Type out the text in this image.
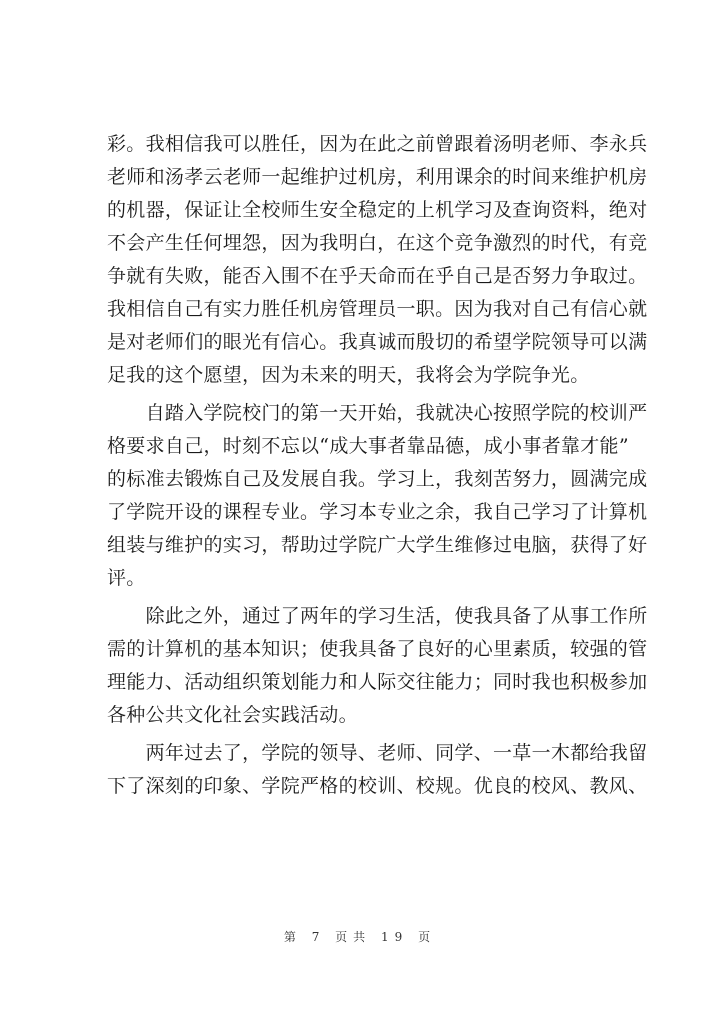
彩。我相信我可以胜任，因为在此之前曾跟着汤明老师、李永兵
老师和汤孝云老师一起维护过机房，利用课余的时间来维护机房
的机器，保证让全校师生安全稳定的上机学习及查询资料，绝对
不会产生任何埋怨，因为我明白，在这个竞争激烈的时代，有竞
争就有失败，能否入围不在乎天命而在乎自己是否努力争取过。
我相信自己有实力胜任机房管理员一职。因为我对自己有信心就
是对老师们的眼光有信心。我真诚而殷切的希望学院领导可以满
足我的这个愿望，因为未来的明天，我将会为学院争光。
　　自踏入学院校门的第一天开始，我就决心按照学院的校训严
格要求自己，时刻不忘以“成大事者靠品德，成小事者靠才能”
的标准去锻炼自己及发展自我。学习上，我刻苦努力，圆满完成
了学院开设的课程专业。学习本专业之余，我自己学习了计算机
组装与维护的实习，帮助过学院广大学生维修过电脑，获得了好
评。
　　除此之外，通过了两年的学习生活，使我具备了从事工作所
需的计算机的基本知识；使我具备了良好的心里素质，较强的管
理能力、活动组织策划能力和人际交往能力；同时我也积极参加
各种公共文化社会实践活动。
　　两年过去了，学院的领导、老师、同学、一草一木都给我留
下了深刻的印象、学院严格的校训、校规。优良的校风、教风、
第 7 页共 19 页
